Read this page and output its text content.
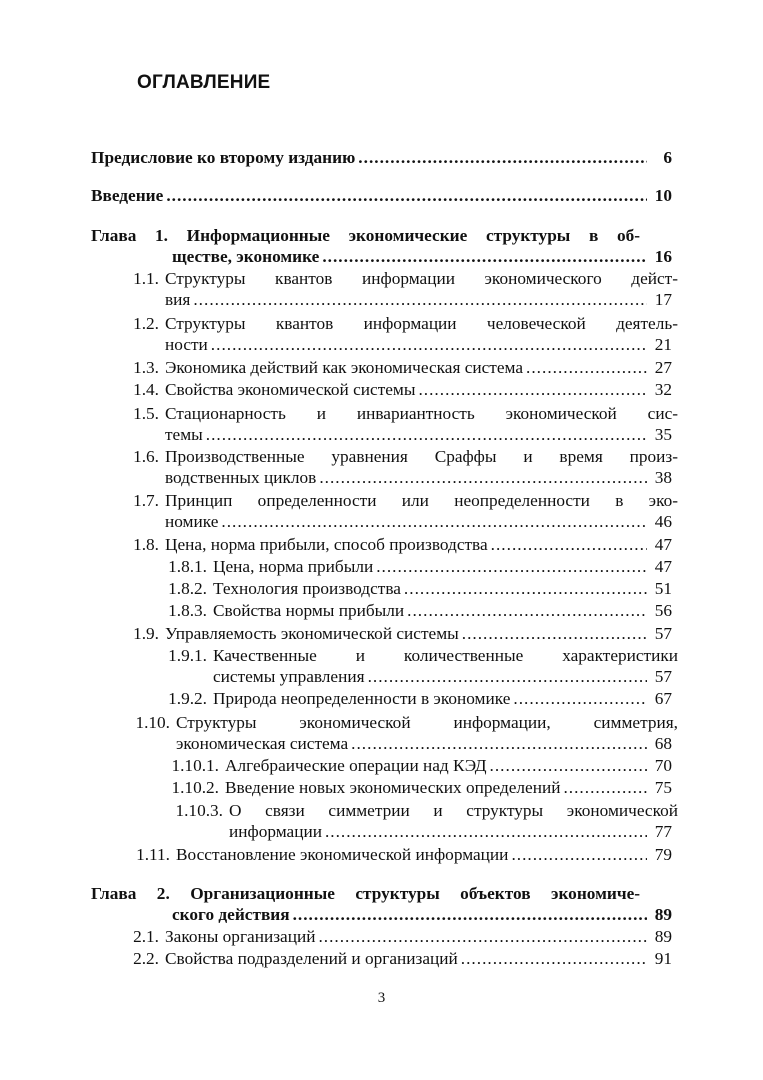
ОГЛАВЛЕНИЕ
Предисловие ко второму изданию .....	6
Введение .....	10
Глава 1. Информационные экономические структуры в об-
ществе, экономике .....	16
1.1. Структуры квантов информации экономического дейст-
вия .....	17
1.2. Структуры квантов информации человеческой деятель-
ности .....	21
1.3. Экономика действий как экономическая система .....	27
1.4. Свойства экономической системы .....	32
1.5. Стационарность и инвариантность экономической сис-
темы .....	35
1.6. Производственные уравнения Сраффы и время произ-
водственных циклов .....	38
1.7. Принцип определенности или неопределенности в эко-
номике .....	46
1.8. Цена, норма прибыли, способ производства .....	47
1.8.1. Цена, норма прибыли .....	47
1.8.2. Технология производства .....	51
1.8.3. Свойства нормы прибыли .....	56
1.9. Управляемость экономической системы .....	57
1.9.1. Качественные и количественные характеристики
системы управления .....	57
1.9.2. Природа неопределенности в экономике .....	67
1.10. Структуры экономической информации, симметрия,
экономическая система .....	68
1.10.1. Алгебраические операции над КЭД .....	70
1.10.2. Введение новых экономических определений .....	75
1.10.3. О связи симметрии и структуры экономической
информации .....	77
1.11. Восстановление экономической информации .....	79
Глава 2. Организационные структуры объектов экономиче-
ского действия .....	89
2.1. Законы организаций .....	89
2.2. Свойства подразделений и организаций .....	91
3
